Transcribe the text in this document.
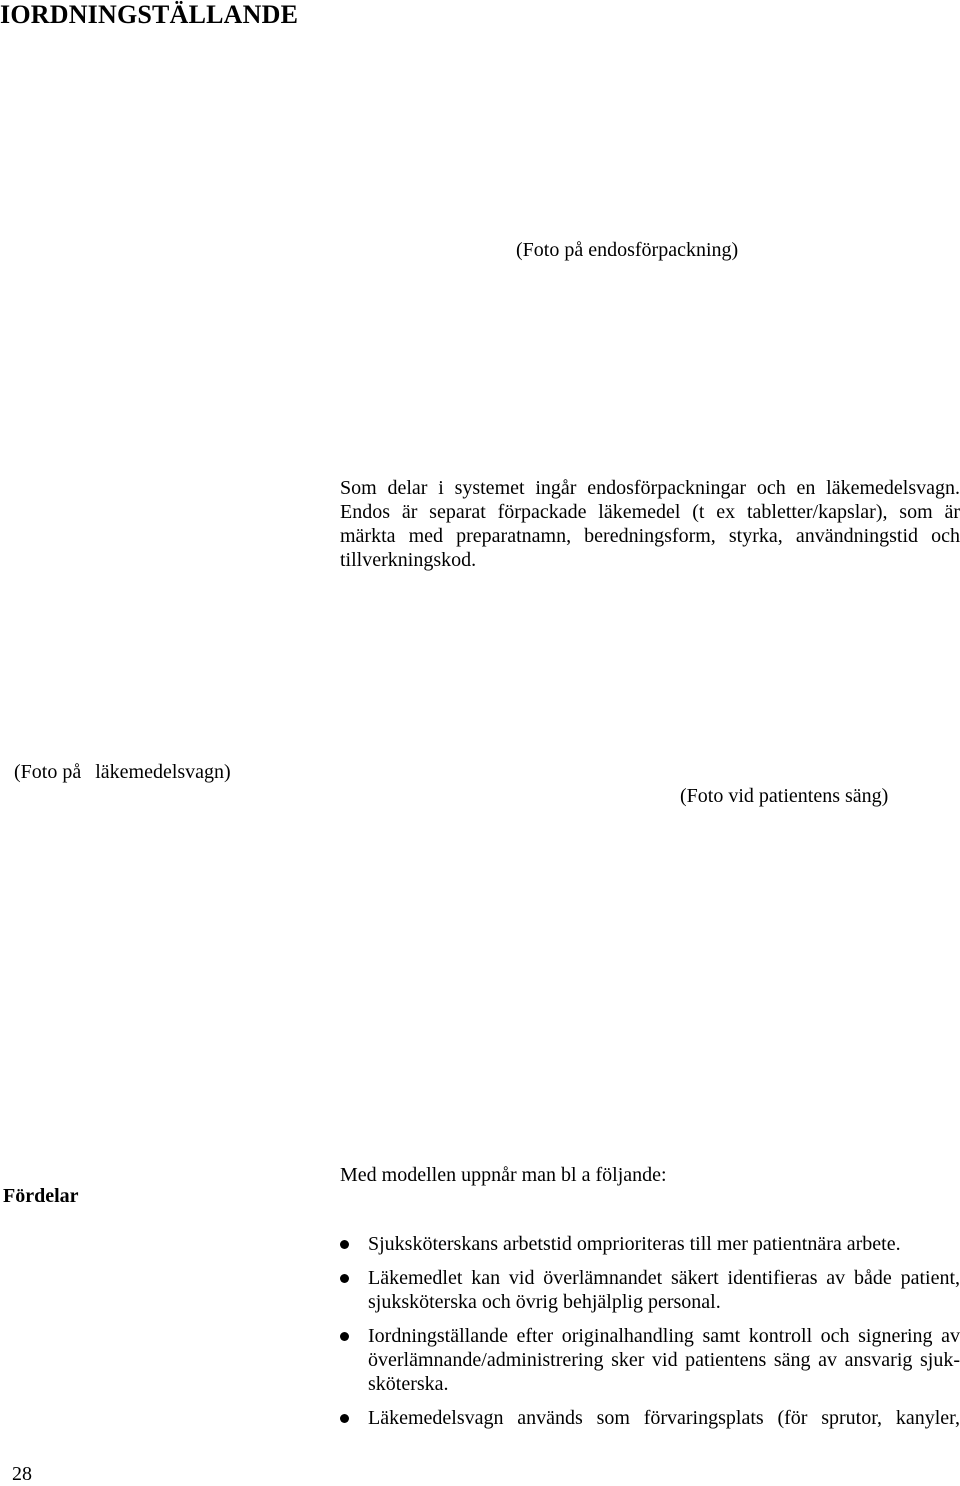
IORDNINGSTÄLLANDE
(Foto på endosförpackning)

Som delar i systemet ingår endosförpackningar och en läkemedelsvagn.

Endos är separat förpackade läkemedel (t ex tabletter/kapslar), som är

märkta med preparatnamn, beredningsform, styrka, användningstid och

tillverkningskod.

(Foto på läkemedelsvagn)
(Foto vid patientens säng)
Fördelar
Med modellen uppnår man bl a följande:
Sjuksköterskans arbetstid omprioriteras till mer patientnära arbete.
Läkemedlet kan vid överlämnandet säkert identifieras av både patient,
sjuksköterska och övrig behjälplig personal.
Iordningställande efter originalhandling samt kontroll och signering av
överlämnande/administrering sker vid patientens säng av ansvarig sjuk-
sköterska.
Läkemedelsvagn används som förvaringsplats (för sprutor, kanyler,
28
